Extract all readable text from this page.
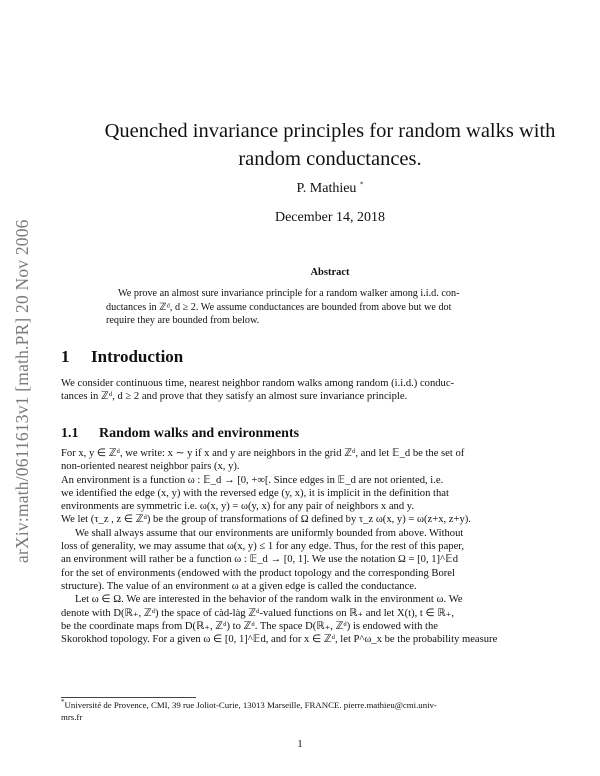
arXiv:math/0611613v1 [math.PR] 20 Nov 2006
Quenched invariance principles for random walks with
random conductances.
P. Mathieu *
December 14, 2018
Abstract
We prove an almost sure invariance principle for a random walker among i.i.d. con-
ductances in ℤᵈ, d ≥ 2. We assume conductances are bounded from above but we dot
require they are bounded from below.
1 Introduction
We consider continuous time, nearest neighbor random walks among random (i.i.d.) conduc-
tances in ℤᵈ, d ≥ 2 and prove that they satisfy an almost sure invariance principle.
1.1 Random walks and environments
For x, y ∈ ℤᵈ, we write: x ∼ y if x and y are neighbors in the grid ℤᵈ, and let 𝔼_d be the set of
non-oriented nearest neighbor pairs (x, y).
An environment is a function ω : 𝔼_d → [0, +∞[. Since edges in 𝔼_d are not oriented, i.e.
we identified the edge (x, y) with the reversed edge (y, x), it is implicit in the definition that
environments are symmetric i.e. ω(x, y) = ω(y, x) for any pair of neighbors x and y.
We let (τ_z , z ∈ ℤᵈ) be the group of transformations of Ω defined by τ_z ω(x, y) = ω(z+x, z+y).
We shall always assume that our environments are uniformly bounded from above. Without
loss of generality, we may assume that ω(x, y) ≤ 1 for any edge. Thus, for the rest of this paper,
an environment will rather be a function ω : 𝔼_d → [0, 1]. We use the notation Ω = [0, 1]^𝔼d
for the set of environments (endowed with the product topology and the corresponding Borel
structure). The value of an environment ω at a given edge is called the conductance.
Let ω ∈ Ω. We are interested in the behavior of the random walk in the environment ω. We
denote with D(ℝ₊, ℤᵈ) the space of càd-làg ℤᵈ-valued functions on ℝ₊ and let X(t), t ∈ ℝ₊,
be the coordinate maps from D(ℝ₊, ℤᵈ) to ℤᵈ. The space D(ℝ₊, ℤᵈ) is endowed with the
Skorokhod topology. For a given ω ∈ [0, 1]^𝔼d, and for x ∈ ℤᵈ, let P^ω_x be the probability measure
*Université de Provence, CMI, 39 rue Joliot-Curie, 13013 Marseille, FRANCE. pierre.mathieu@cmi.univ-
mrs.fr
1
